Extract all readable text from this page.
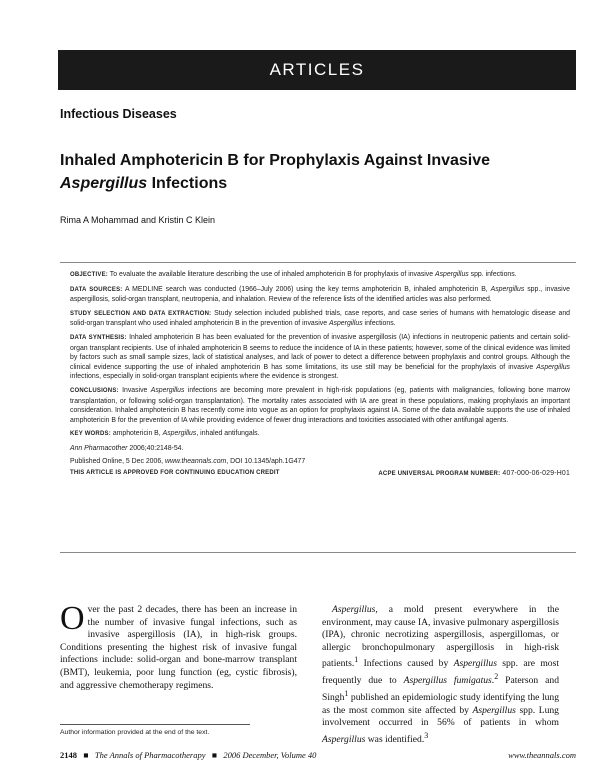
ARTICLES
Infectious Diseases
Inhaled Amphotericin B for Prophylaxis Against Invasive
Aspergillus Infections
Rima A Mohammad and Kristin C Klein

OBJECTIVE: To evaluate the available literature describing the use of inhaled amphotericin B for prophylaxis of invasive Aspergillus spp. infections.

DATA SOURCES: A MEDLINE search was conducted (1966–July 2006) using the key terms amphotericin B, inhaled amphotericin B, Aspergillus spp., invasive aspergillosis, solid-organ transplant, neutropenia, and inhalation. Review of the reference lists of the identified articles was also performed.

STUDY SELECTION AND DATA EXTRACTION: Study selection included published trials, case reports, and case series of humans with hematologic disease and solid-organ transplant who used inhaled amphotericin B in the prevention of invasive Aspergillus infections.

DATA SYNTHESIS: Inhaled amphotericin B has been evaluated for the prevention of invasive aspergillosis (IA) infections in neutropenic patients and certain solid-organ transplant recipients. Use of inhaled amphotericin B seems to reduce the incidence of IA in these patients; however, some of the clinical evidence was limited by factors such as small sample sizes, lack of statistical analyses, and lack of power to detect a difference between prophylaxis and control groups. Although the clinical evidence supporting the use of inhaled amphotericin B has some limitations, its use still may be beneficial for the prophylaxis of invasive Aspergillus infections, especially in solid-organ transplant ecipients where the evidence is strongest.

CONCLUSIONS: Invasive Aspergillus infections are becoming more prevalent in high-risk populations (eg, patients with malignancies, following bone marrow transplantation, or following solid-organ transplantation). The mortality rates associated with IA are great in these populations, making prophylaxis an important consideration. Inhaled amphotericin B has recently come into vogue as an option for prophylaxis against IA. Some of the data available supports the use of inhaled amphotericin B for the prevention of IA while providing evidence of fewer drug interactions and toxicities associated with other antifungal agents.

KEY WORDS: amphotericin B, Aspergillus, inhaled antifungals.

Ann Pharmacother 2006;40:2148-54.

Published Online, 5 Dec 2006, www.theannals.com, DOI 10.1345/aph.1G477

THIS ARTICLE IS APPROVED FOR CONTINUING EDUCATION CREDIT	ACPE UNIVERSAL PROGRAM NUMBER: 407-000-06-029-H01
Over the past 2 decades, there has been an increase in the number of invasive fungal infections, such as invasive aspergillosis (IA), in high-risk groups. Conditions presenting the highest risk of invasive fungal infections include: solid-organ and bone-marrow transplant (BMT), leukemia, poor lung function (eg, cystic fibrosis), and aggressive chemotherapy regimens.
Aspergillus, a mold present everywhere in the environment, may cause IA, invasive pulmonary aspergillosis (IPA), chronic necrotizing aspergillosis, aspergillomas, or allergic bronchopulmonary aspergillosis in high-risk patients.$^1$ Infections caused by Aspergillus spp. are most frequently due to Aspergillus fumigatus.$^2$ Paterson and Singh$^1$ published an epidemiologic study identifying the lung as the most common site affected by Aspergillus spp. Lung involvement occurred in 56% of patients in whom Aspergillus was identified.$^3$
Author information provided at the end of the text.
2148   ■   The Annals of Pharmacotherapy   ■   2006 December, Volume 40	www.theannals.com
